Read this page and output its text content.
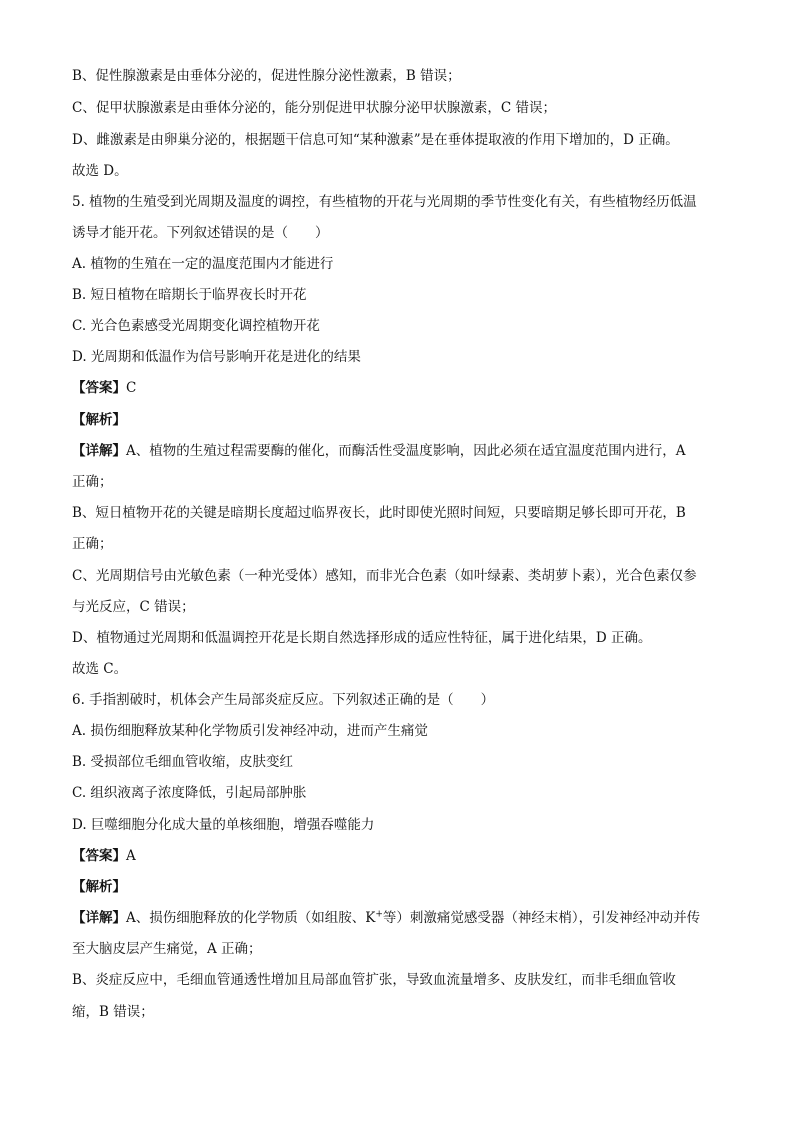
B、促性腺激素是由垂体分泌的，促进性腺分泌性激素，B 错误；
C、促甲状腺激素是由垂体分泌的，能分别促进甲状腺分泌甲状腺激素，C 错误；
D、雌激素是由卵巢分泌的，根据题干信息可知“某种激素”是在垂体提取液的作用下增加的，D 正确。
故选 D。
5. 植物的生殖受到光周期及温度的调控，有些植物的开花与光周期的季节性变化有关，有些植物经历低温
诱导才能开花。下列叙述错误的是（　　）
A. 植物的生殖在一定的温度范围内才能进行
B. 短日植物在暗期长于临界夜长时开花
C. 光合色素感受光周期变化调控植物开花
D. 光周期和低温作为信号影响开花是进化的结果
【答案】C
【解析】
【详解】A、植物的生殖过程需要酶的催化，而酶活性受温度影响，因此必须在适宜温度范围内进行，A
正确；
B、短日植物开花的关键是暗期长度超过临界夜长，此时即使光照时间短，只要暗期足够长即可开花，B
正确；
C、光周期信号由光敏色素（一种光受体）感知，而非光合色素（如叶绿素、类胡萝卜素），光合色素仅参
与光反应，C 错误；
D、植物通过光周期和低温调控开花是长期自然选择形成的适应性特征，属于进化结果，D 正确。
故选 C。
6. 手指割破时，机体会产生局部炎症反应。下列叙述正确的是（　　）
A. 损伤细胞释放某种化学物质引发神经冲动，进而产生痛觉
B. 受损部位毛细血管收缩，皮肤变红
C. 组织液离子浓度降低，引起局部肿胀
D. 巨噬细胞分化成大量的单核细胞，增强吞噬能力
【答案】A
【解析】
【详解】A、损伤细胞释放的化学物质（如组胺、K+等）刺激痛觉感受器（神经末梢），引发神经冲动并传
至大脑皮层产生痛觉，A 正确；
B、炎症反应中，毛细血管通透性增加且局部血管扩张，导致血流量增多、皮肤发红，而非毛细血管收
缩，B 错误；
